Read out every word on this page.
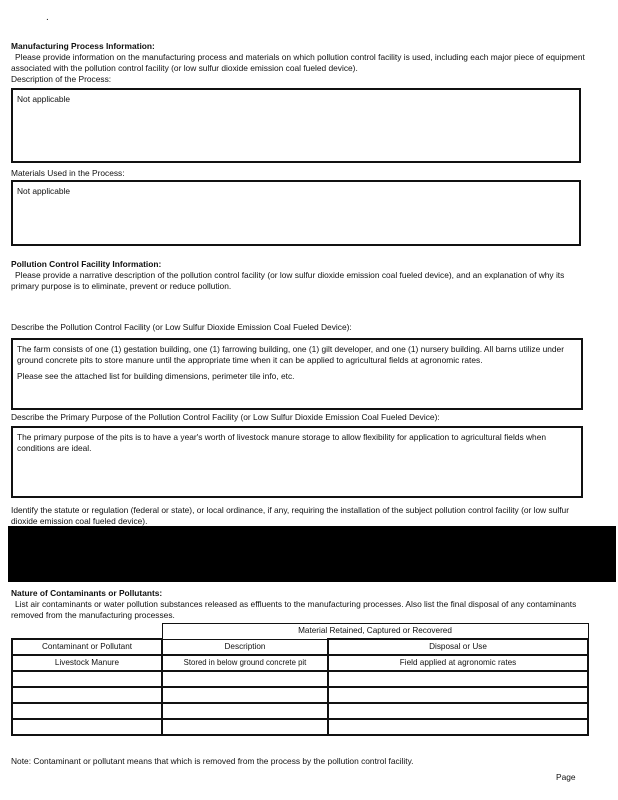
.
Manufacturing Process Information:
Please provide information on the manufacturing process and materials on which pollution control facility is used, including each major piece of equipment associated with the pollution control facility (or low sulfur dioxide emission coal fueled device).
Description of the Process:
Not applicable
Materials Used in the Process:
Not applicable
Pollution Control Facility Information:
Please provide a narrative description of the pollution control facility (or low sulfur dioxide emission coal fueled device), and an explanation of why its primary purpose is to eliminate, prevent or reduce pollution.
Describe the Pollution Control Facility (or Low Sulfur Dioxide Emission Coal Fueled Device):
The farm consists of one (1) gestation building, one (1) farrowing building, one (1) gilt developer, and one (1) nursery building. All barns utilize under ground concrete pits to store manure until the appropriate time when it can be applied to agricultural fields at agronomic rates.
Please see the attached list for building dimensions, perimeter tile info, etc.
Describe the Primary Purpose of the Pollution Control Facility (or Low Sulfur Dioxide Emission Coal Fueled Device):
The primary purpose of the pits is to have a year's worth of livestock manure storage to allow flexibility for application to agricultural fields when conditions are ideal.
Identify the statute or regulation (federal or state), or local ordinance, if any, requiring the installation of the subject pollution control facility (or low sulfur dioxide emission coal fueled device).
Nature of Contaminants or Pollutants:
List air contaminants or water pollution substances released as effluents to the manufacturing processes. Also list the final disposal of any contaminants removed from the manufacturing processes.
	Material Retained, Captured or Recovered	
Contaminant or Pollutant	Description	Disposal or Use
Livestock Manure	Stored in below ground concrete pit	Field applied at agronomic rates

Note: Contaminant or pollutant means that which is removed from the process by the pollution control facility.
Page
